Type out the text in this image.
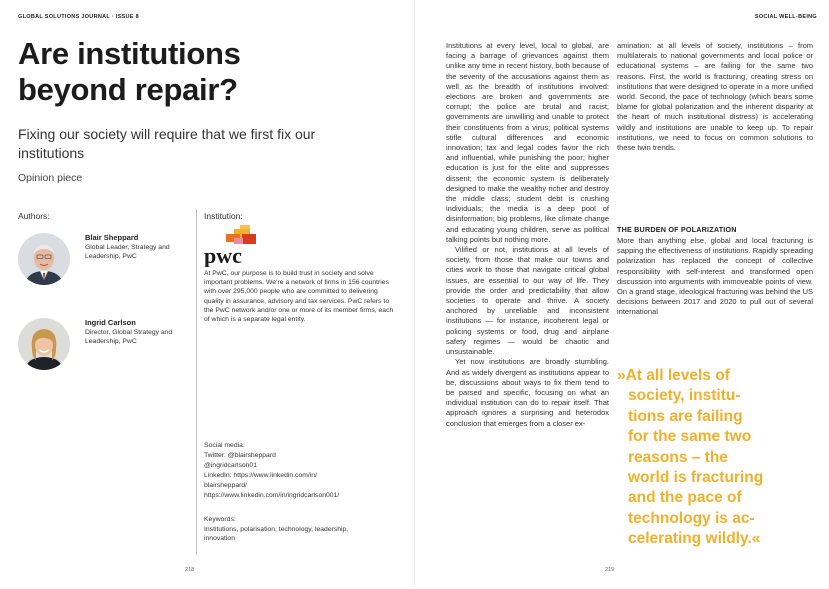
GLOBAL SOLUTIONS JOURNAL · ISSUE 8
Are institutions beyond repair?

Fixing our society will require that we first fix our institutions

Opinion piece
Authors:
Blair Sheppard
Global Leader, Strategy and Leadership, PwC
Ingrid Carlson
Director, Global Strategy and Leadership, PwC
Institution:
pwc
At PwC, our purpose is to build trust in society and solve important problems. We’re a network of firms in 156 countries with over 295,000 people who are committed to delivering quality in assurance, advisory and tax services. PwC refers to the PwC network and/or one or more of its member firms, each of which is a separate legal entity.
Social media:
Twitter: @blairsheppard
@ingridcarlson01
LinkedIn: https://www.linkedin.com/in/
blairsheppard/
https://www.linkedin.com/in/ingridcarlson001/
Keywords:
Institutions, polarisation, technology, leadership, innovation
218
SOCIAL WELL-BEING

Institutions at every level, local to global, are facing a barrage of grievances against them unlike any time in recent history, both because of the severity of the accusations against them as well as the breadth of institutions involved: elections are broken and governments are corrupt; the police are brutal and racist; governments are unwilling and unable to protect their constituents from a virus; political systems stifle cultural differences and economic innovation; tax and legal codes favor the rich and influential, while punishing the poor; higher education is just for the elite and suppresses dissent; the economic system is deliberately designed to make the wealthy richer and destroy the middle class; student debt is crushing individuals; the media is a deep pool of disinformation; big problems, like climate change and educating young children, serve as political talking points but nothing more.

Vilified or not, institutions at all levels of society, from those that make our towns and cities work to those that navigate critical global issues, are essential to our way of life. They provide the order and predictability that allow societies to operate and thrive. A society anchored by unreliable and inconsistent institutions — for instance, incoherent legal or policing systems or food, drug and airplane safety regimes — would be chaotic and unsustainable.

Yet now institutions are broadly stumbling. And as widely divergent as institutions appear to be, discussions about ways to fix them tend to be parsed and specific, focusing on what an individual institution can do to repair itself. That approach ignores a surprising and heterodox conclusion that emerges from a closer ex-

amination: at all levels of society, institutions – from multilaterals to national governments and local police or educational systems – are failing for the same two reasons. First, the world is fracturing, creating stress on institutions that were designed to operate in a more unified world. Second, the pace of technology (which bears some blame for global polarization and the inherent disparity at the heart of much institutional distress) is accelerating wildly and institutions are unable to keep up. To repair institutions, we need to focus on common solutions to these twin trends.

THE BURDEN OF POLARIZATION

More than anything else, global and local fracturing is sapping the effectiveness of institutions. Rapidly spreading polarization has replaced the concept of collective responsibility with self-interest and transformed open discussion into arguments with immoveable points of view. On a grand stage, ideological fracturing was behind the US decisions between 2017 and 2020 to pull out of several international

»At all levels of
society, institu-
tions are failing
for the same two
reasons – the
world is fracturing
and the pace of
technology is ac-
celerating wildly.«
219
